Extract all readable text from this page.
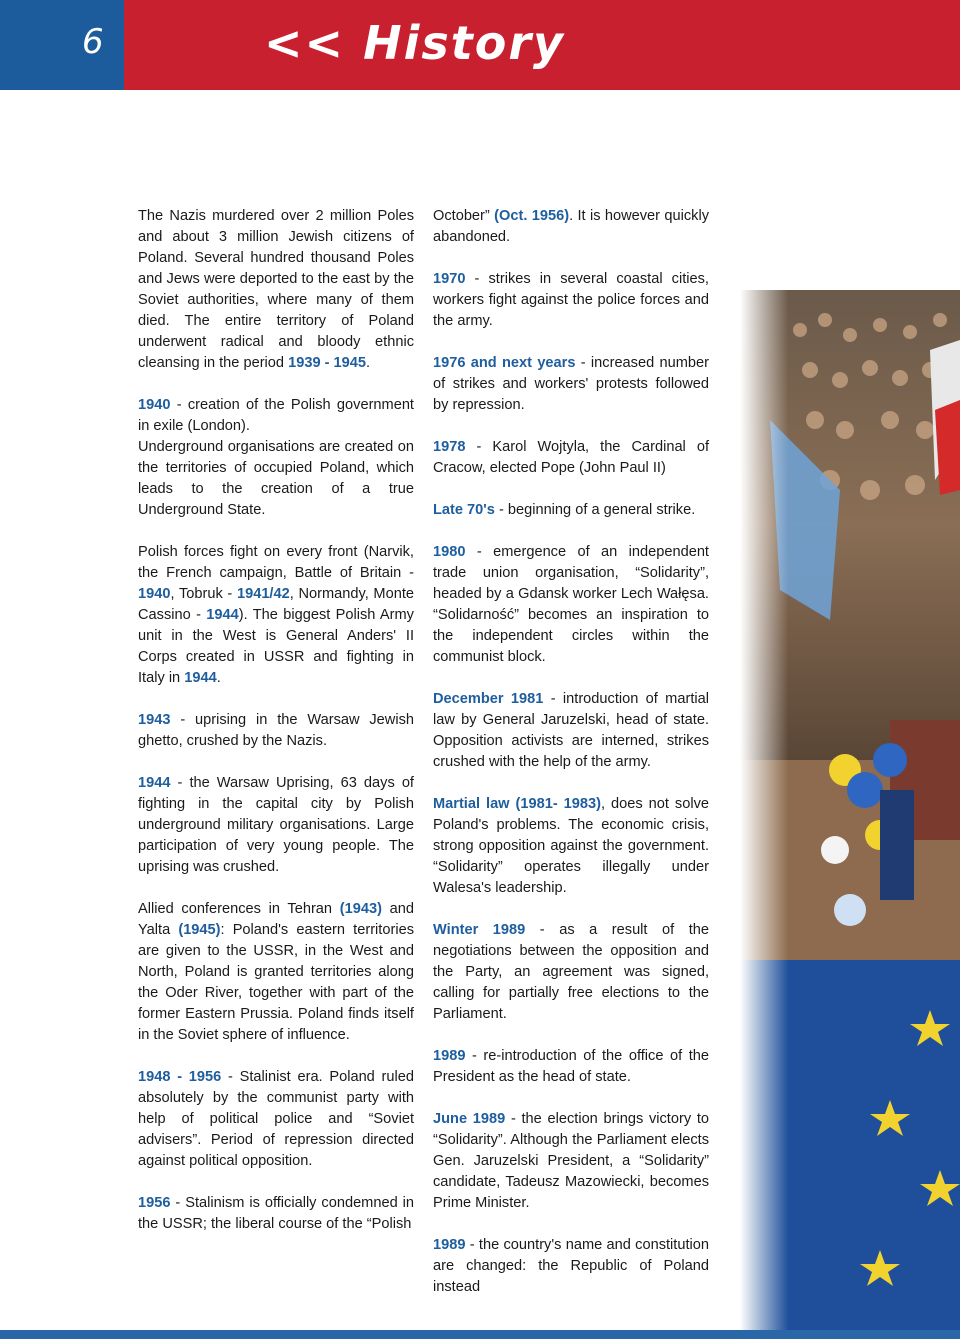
6	<< History

The Nazis murdered over 2 million Poles and about 3 million Jewish citizens of Poland. Several hundred thousand Poles and Jews were deported to the east by the Soviet authorities, where many of them died. The entire territory of Poland underwent radical and bloody ethnic cleansing in the period 1939 - 1945.

1940 - creation of the Polish government in exile (London).
Underground organisations are created on the territories of occupied Poland, which leads to the creation of a true Underground State.

Polish forces fight on every front (Narvik, the French campaign, Battle of Britain - 1940, Tobruk - 1941/42, Normandy, Monte Cassino - 1944). The biggest Polish Army unit in the West is General Anders' II Corps created in USSR and fighting in Italy in 1944.

1943 - uprising in the Warsaw Jewish ghetto, crushed by the Nazis.

1944 - the Warsaw Uprising, 63 days of fighting in the capital city by Polish underground military organisations. Large participation of very young people. The uprising was crushed.

Allied conferences in Tehran (1943) and Yalta (1945): Poland's eastern territories are given to the USSR, in the West and North, Poland is granted territories along the Oder River, together with part of the former Eastern Prussia. Poland finds itself in the Soviet sphere of influence.

1948 - 1956 - Stalinist era. Poland ruled absolutely by the communist party with help of political police and “Soviet advisers”. Period of repression directed against political opposition.

1956 - Stalinism is officially condemned in the USSR; the liberal course of the “Polish

October” (Oct. 1956). It is however quickly abandoned.

1970 - strikes in several coastal cities, workers fight against the police forces and the army.

1976 and next years - increased number of strikes and workers' protests followed by repression.

1978 - Karol Wojtyla, the Cardinal of Cracow, elected Pope (John Paul II)

Late 70's - beginning of a general strike.

1980 - emergence of an independent trade union organisation, “Solidarity”, headed by a Gdansk worker Lech Wałęsa. “Solidarność” becomes an inspiration to the independent circles within the communist block.

December 1981 - introduction of martial law by General Jaruzelski, head of state. Opposition activists are interned, strikes crushed with the help of the army.

Martial law (1981- 1983), does not solve Poland's problems. The economic crisis, strong opposition against the government. “Solidarity” operates illegally under Walesa's leadership.

Winter 1989 - as a result of the negotiations between the opposition and the Party, an agreement was signed, calling for partially free elections to the Parliament.

1989 - re-introduction of the office of the President as the head of state.

June 1989 - the election brings victory to “Solidarity”. Although the Parliament elects Gen. Jaruzelski President, a “Solidarity” candidate, Tadeusz Mazowiecki, becomes Prime Minister.

1989 - the country's name and constitution are changed: the Republic of Poland instead
